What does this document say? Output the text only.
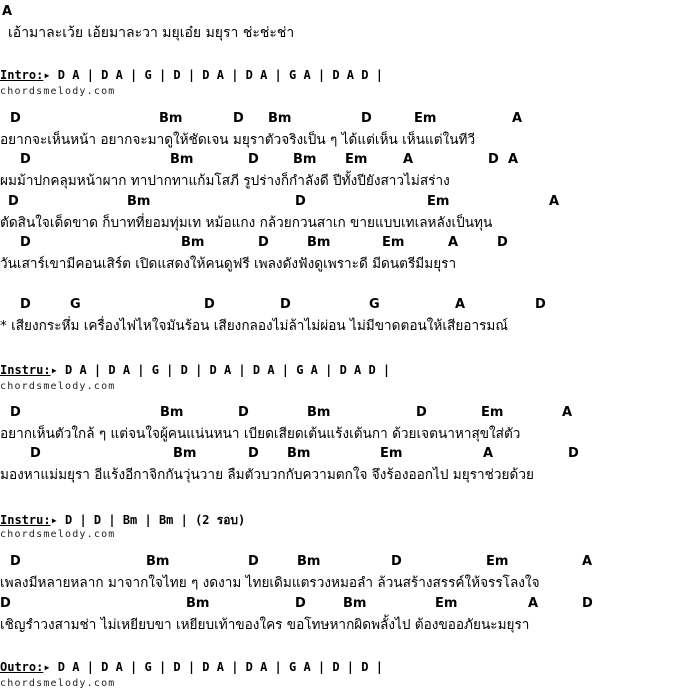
A
เอ้ามาละเว้ย เอ้ยมาละวา มยุเอ๋ย มยุรา ช่ะช่ะช่า
Intro:▸ D A | D A | G | D | D A | D A | G A | D A D |
chordsmelody.com
D	Bm	D Bm	D	Em	A
อยากจะเห็นหน้า อยากจะมาดูให้ชัดเจน มยุราตัวจริงเป็น ๆ ได้แต่เห็น เห็นแต่ในทีวี
D	Bm	D	Bm Em	A	D A
ผมม้าปกคลุมหน้าผาก ทาปากทาแก้มโสภี รูปร่างก็กำลังดี ปีทั้งปียังสาวไม่สร่าง
D	Bm	D	Em	A
ตัดสินใจเด็ดขาด ก็บาทที่ยอมทุ่มเท หม้อแกง กล้วยกวนสาเก ขายแบบเทเลหลังเป็นทุน
D	Bm	D	Bm	Em	A	D
วันเสาร์เขามีคอนเสิร์ต เปิดแสดงให้คนดูฟรี เพลงดังฟังดูเพราะดี มีดนตรีมีมยุรา
D	G	D	D	G	A	D
* เสียงกระหึ่ม เครื่องไฟไหใจมันร้อน เสียงกลองไม่ล้าไม่ผ่อน ไม่มีขาดตอนให้เสียอารมณ์
Instru:▸ D A | D A | G | D | D A | D A | G A | D A D |
chordsmelody.com
D	Bm	D	Bm	D	Em	A
อยากเห็นตัวใกล้ ๆ แต่จนใจผู้คนแน่นหนา เบียดเสียดเต้นแร้งเต้นกา ด้วยเจตนาหาสุขใส่ตัว
D	Bm	D Bm	Em	A	D
มองหาแม่มยุรา อีแร้งอีกาจิกกันวุ่นวาย ลืมตัวบวกกับความตกใจ จึงร้องออกไป มยุราช่วยด้วย
Instru:▸ D | D | Bm | Bm | (2 รอบ)
chordsmelody.com
D	Bm	D	Bm	D	Em	A
เพลงมีหลายหลาก มาจากใจไทย ๆ งดงาม ไทยเดิมแตรวงหมอลำ ล้วนสร้างสรรค์ให้จรรโลงใจ
D	Bm	D	Bm	Em	A	D
เชิญรำวงสามช่า ไม่เหยียบขา เหยียบเท้าของใคร ขอโทษหากผิดพลั้งไป ต้องขออภัยนะมยุรา
Outro:▸ D A | D A | G | D | D A | D A | G A | D | D |
chordsmelody.com
